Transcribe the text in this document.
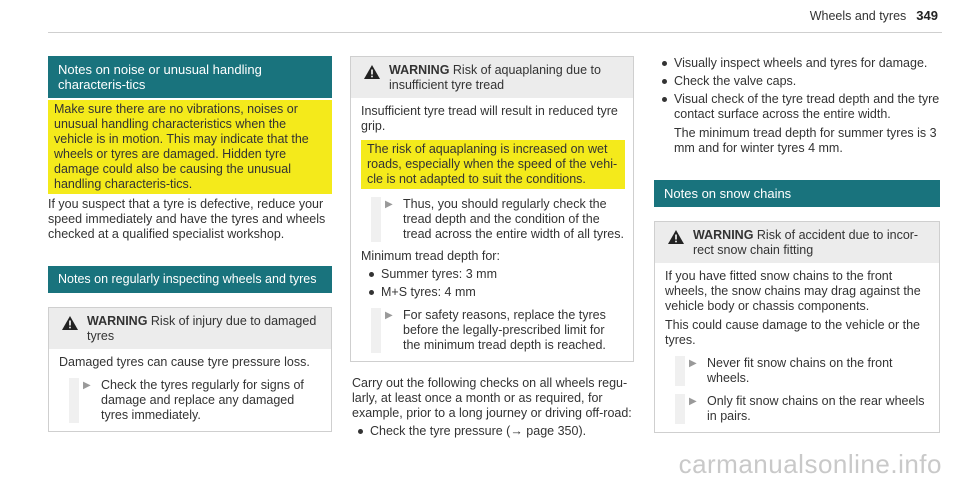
Wheels and tyres 349
Notes on noise or unusual handling characteris-tics
Make sure there are no vibrations, noises or unusual handling characteristics when the vehicle is in motion. This may indicate that the wheels or tyres are damaged. Hidden tyre damage could also be causing the unusual handling characteris-tics.

If you suspect that a tyre is defective, reduce your speed immediately and have the tyres and wheels checked at a qualified specialist workshop.

Notes on regularly inspecting wheels and tyres
WARNING Risk of injury due to damaged tyres

Damaged tyres can cause tyre pressure loss.

▶ Check the tyres regularly for signs of damage and replace any damaged tyres immediately.
WARNING Risk of aquaplaning due to insufficient tyre tread

Insufficient tyre tread will result in reduced tyre grip.

The risk of aquaplaning is increased on wet roads, especially when the speed of the vehi-cle is not adapted to suit the conditions.
▶ Thus, you should regularly check the tread depth and the condition of the tread across the entire width of all tyres.

Minimum tread depth for:

Summer tyres: 3 mm
M+S tyres: 4 mm
▶ For safety reasons, replace the tyres before the legally-prescribed limit for the minimum tread depth is reached.

Carry out the following checks on all wheels regu-larly, at least once a month or as required, for example, prior to a long journey or driving off-road:

Check the tyre pressure (→ page 350).
Visually inspect wheels and tyres for damage.
Check the valve caps.
Visual check of the tyre tread depth and the tyre contact surface across the entire width.

The minimum tread depth for summer tyres is 3 mm and for winter tyres 4 mm.

Notes on snow chains
WARNING Risk of accident due to incor-rect snow chain fitting

If you have fitted snow chains to the front wheels, the snow chains may drag against the vehicle body or chassis components.

This could cause damage to the vehicle or the tyres.

▶ Never fit snow chains on the front wheels.
▶ Only fit snow chains on the rear wheels in pairs.
carmanualsonline.info
